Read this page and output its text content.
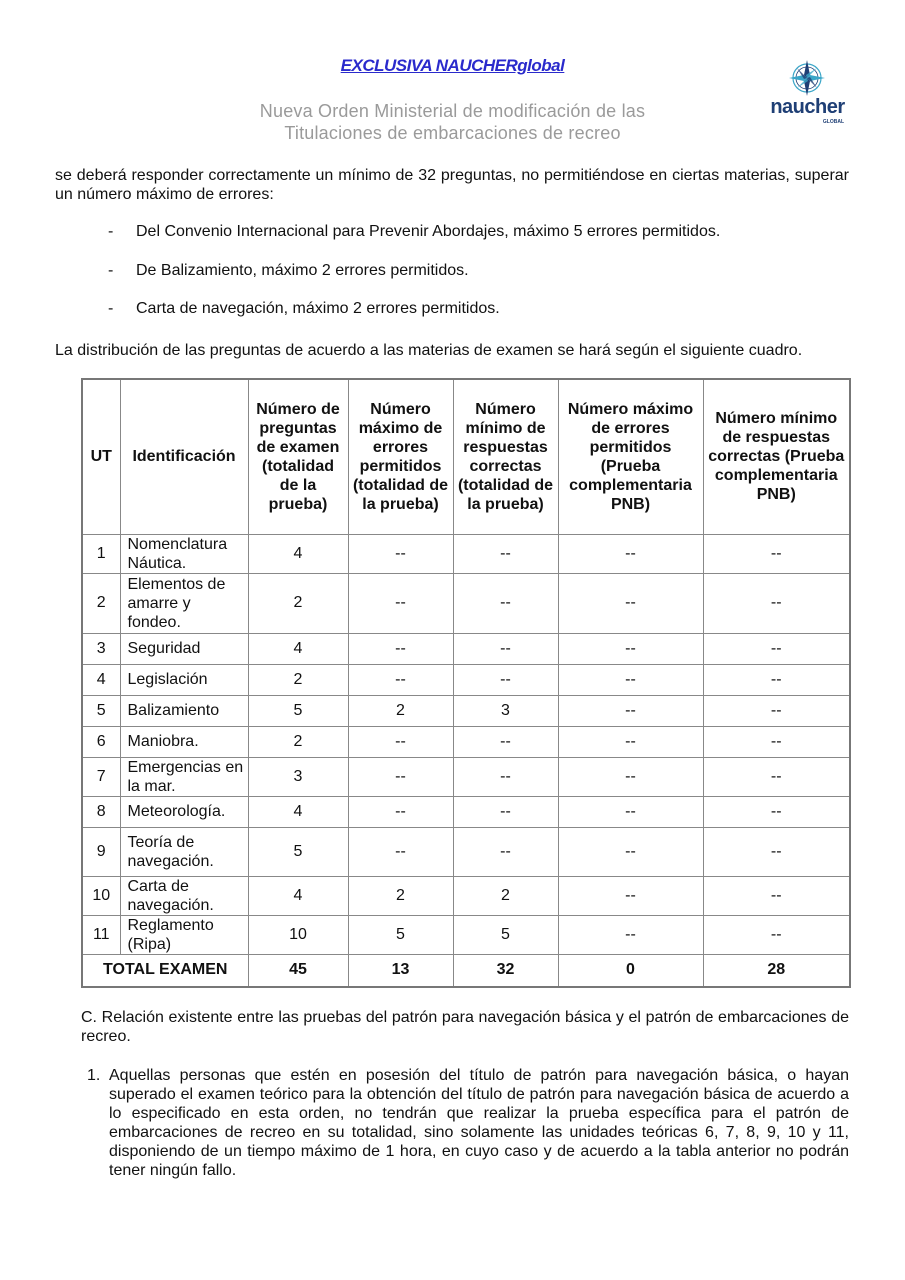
EXCLUSIVA NAUCHERglobal
Nueva Orden Ministerial de modificación de las
Titulaciones de embarcaciones de recreo
naucher
GLOBAL
se deberá responder correctamente un mínimo de 32 preguntas, no permitiéndose en ciertas materias, superar un número máximo de errores:
- Del Convenio Internacional para Prevenir Abordajes, máximo 5 errores permitidos.
- De Balizamiento, máximo 2 errores permitidos.
- Carta de navegación, máximo 2 errores permitidos.
La distribución de las preguntas de acuerdo a las materias de examen se hará según el siguiente cuadro.
UT	Identificación	Número de preguntas de examen (totalidad de la prueba)	Número máximo de errores permitidos (totalidad de la prueba)	Número mínimo de respuestas correctas (totalidad de la prueba)	Número máximo de errores permitidos (Prueba complementaria PNB)	Número mínimo de respuestas correctas (Prueba complementaria PNB)
1	Nomenclatura Náutica.	4	--	--	--	--
2	Elementos de amarre y fondeo.	2	--	--	--	--
3	Seguridad	4	--	--	--	--
4	Legislación	2	--	--	--	--
5	Balizamiento	5	2	3	--	--
6	Maniobra.	2	--	--	--	--
7	Emergencias en la mar.	3	--	--	--	--
8	Meteorología.	4	--	--	--	--
9	Teoría de navegación.	5	--	--	--	--
10	Carta de navegación.	4	2	2	--	--
11	Reglamento (Ripa)	10	5	5	--	--
TOTAL EXAMEN		45	13	32	0	28
C. Relación existente entre las pruebas del patrón para navegación básica y el patrón de embarcaciones de recreo.
1. Aquellas personas que estén en posesión del título de patrón para navegación básica, o hayan superado el examen teórico para la obtención del título de patrón para navegación básica de acuerdo a lo especificado en esta orden, no tendrán que realizar la prueba específica para el patrón de embarcaciones de recreo en su totalidad, sino solamente las unidades teóricas 6, 7, 8, 9, 10 y 11, disponiendo de un tiempo máximo de 1 hora, en cuyo caso y de acuerdo a la tabla anterior no podrán tener ningún fallo.
